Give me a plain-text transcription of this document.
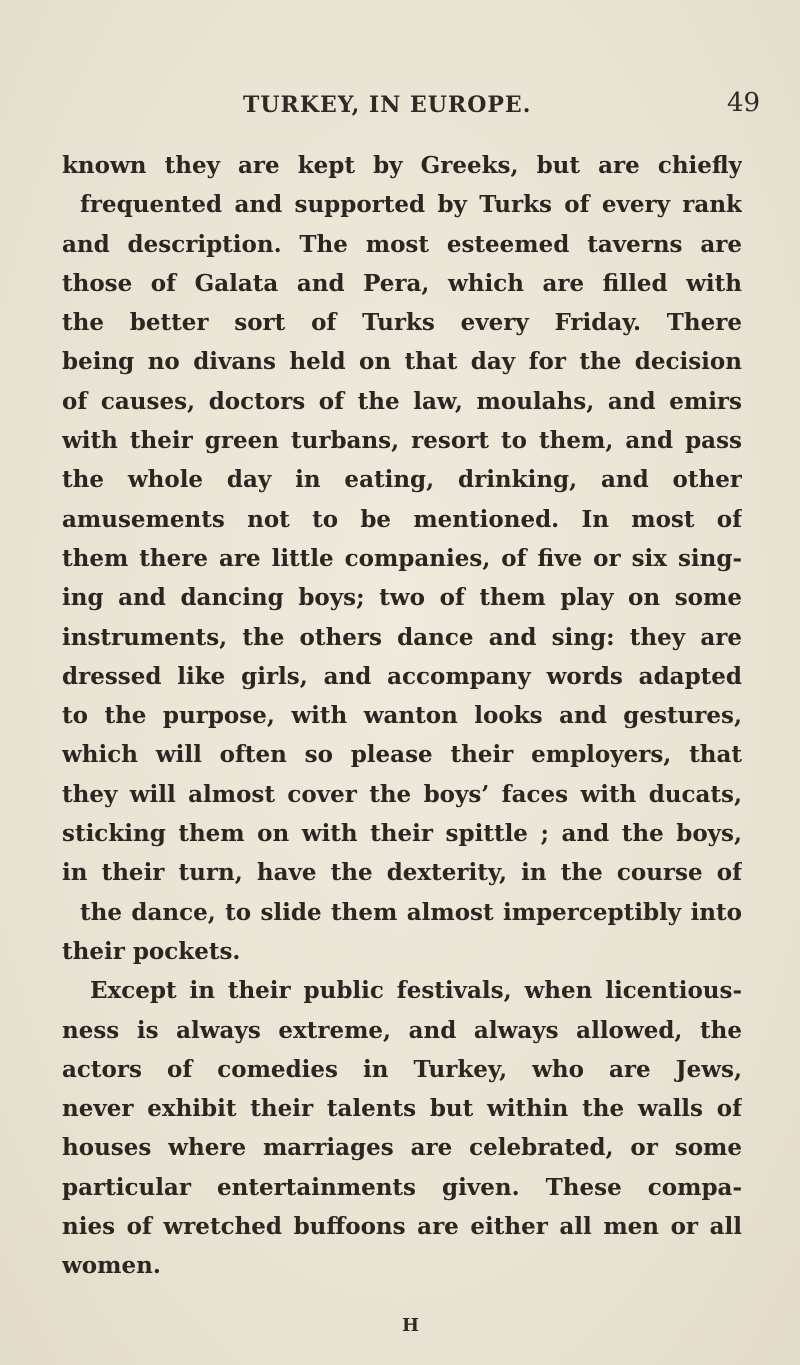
TURKEY, IN EUROPE.	49
known they are kept by Greeks, but are chiefly
frequented and supported by Turks of every rank
and description. The most esteemed taverns are
those of Galata and Pera, which are filled with
the better sort of Turks every Friday. There
being no divans held on that day for the decision
of causes, doctors of the law, moulahs, and emirs
with their green turbans, resort to them, and pass
the whole day in eating, drinking, and other
amusements not to be mentioned. In most of
them there are little companies, of five or six sing-
ing and dancing boys; two of them play on some
instruments, the others dance and sing: they are
dressed like girls, and accompany words adapted
to the purpose, with wanton looks and gestures,
which will often so please their employers, that
they will almost cover the boys’ faces with ducats,
sticking them on with their spittle ; and the boys,
in their turn, have the dexterity, in the course of
the dance, to slide them almost imperceptibly into
their pockets.
Except in their public festivals, when licentious-
ness is always extreme, and always allowed, the
actors of comedies in Turkey, who are Jews,
never exhibit their talents but within the walls of
houses where marriages are celebrated, or some
particular entertainments given. These compa-
nies of wretched buffoons are either all men or all
women.
H
